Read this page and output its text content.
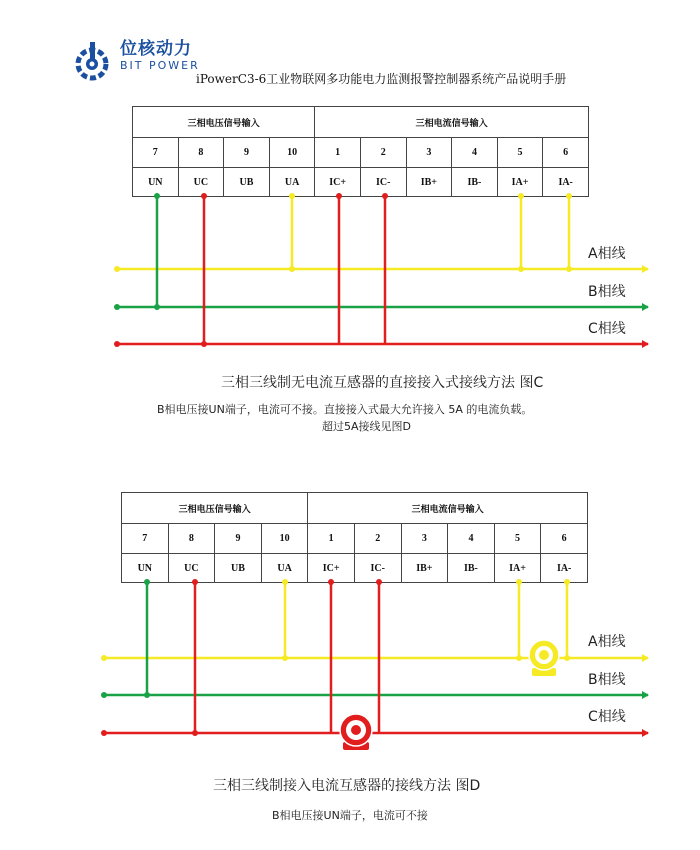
位核动力
BIT POWER
iPowerC3-6工业物联网多功能电力监测报警控制器系统产品说明手册
三相电压信号输入				三相电流信号输入					
7	8	9	10	1	2	3	4	5	6
UN	UC	UB	UA	IC+	IC-	IB+	IB-	IA+	IA-
三相电压信号输入				三相电流信号输入					
7	8	9	10	1	2	3	4	5	6
UN	UC	UB	UA	IC+	IC-	IB+	IB-	IA+	IA-
A相线
B相线
C相线
A相线
B相线
C相线
三相三线制无电流互感器的直接接入式接线方法 图C
B相电压接UN端子，电流可不接。直接接入式最大允许接入 5A 的电流负载。
超过5A接线见图D
三相三线制接入电流互感器的接线方法 图D
B相电压接UN端子，电流可不接
